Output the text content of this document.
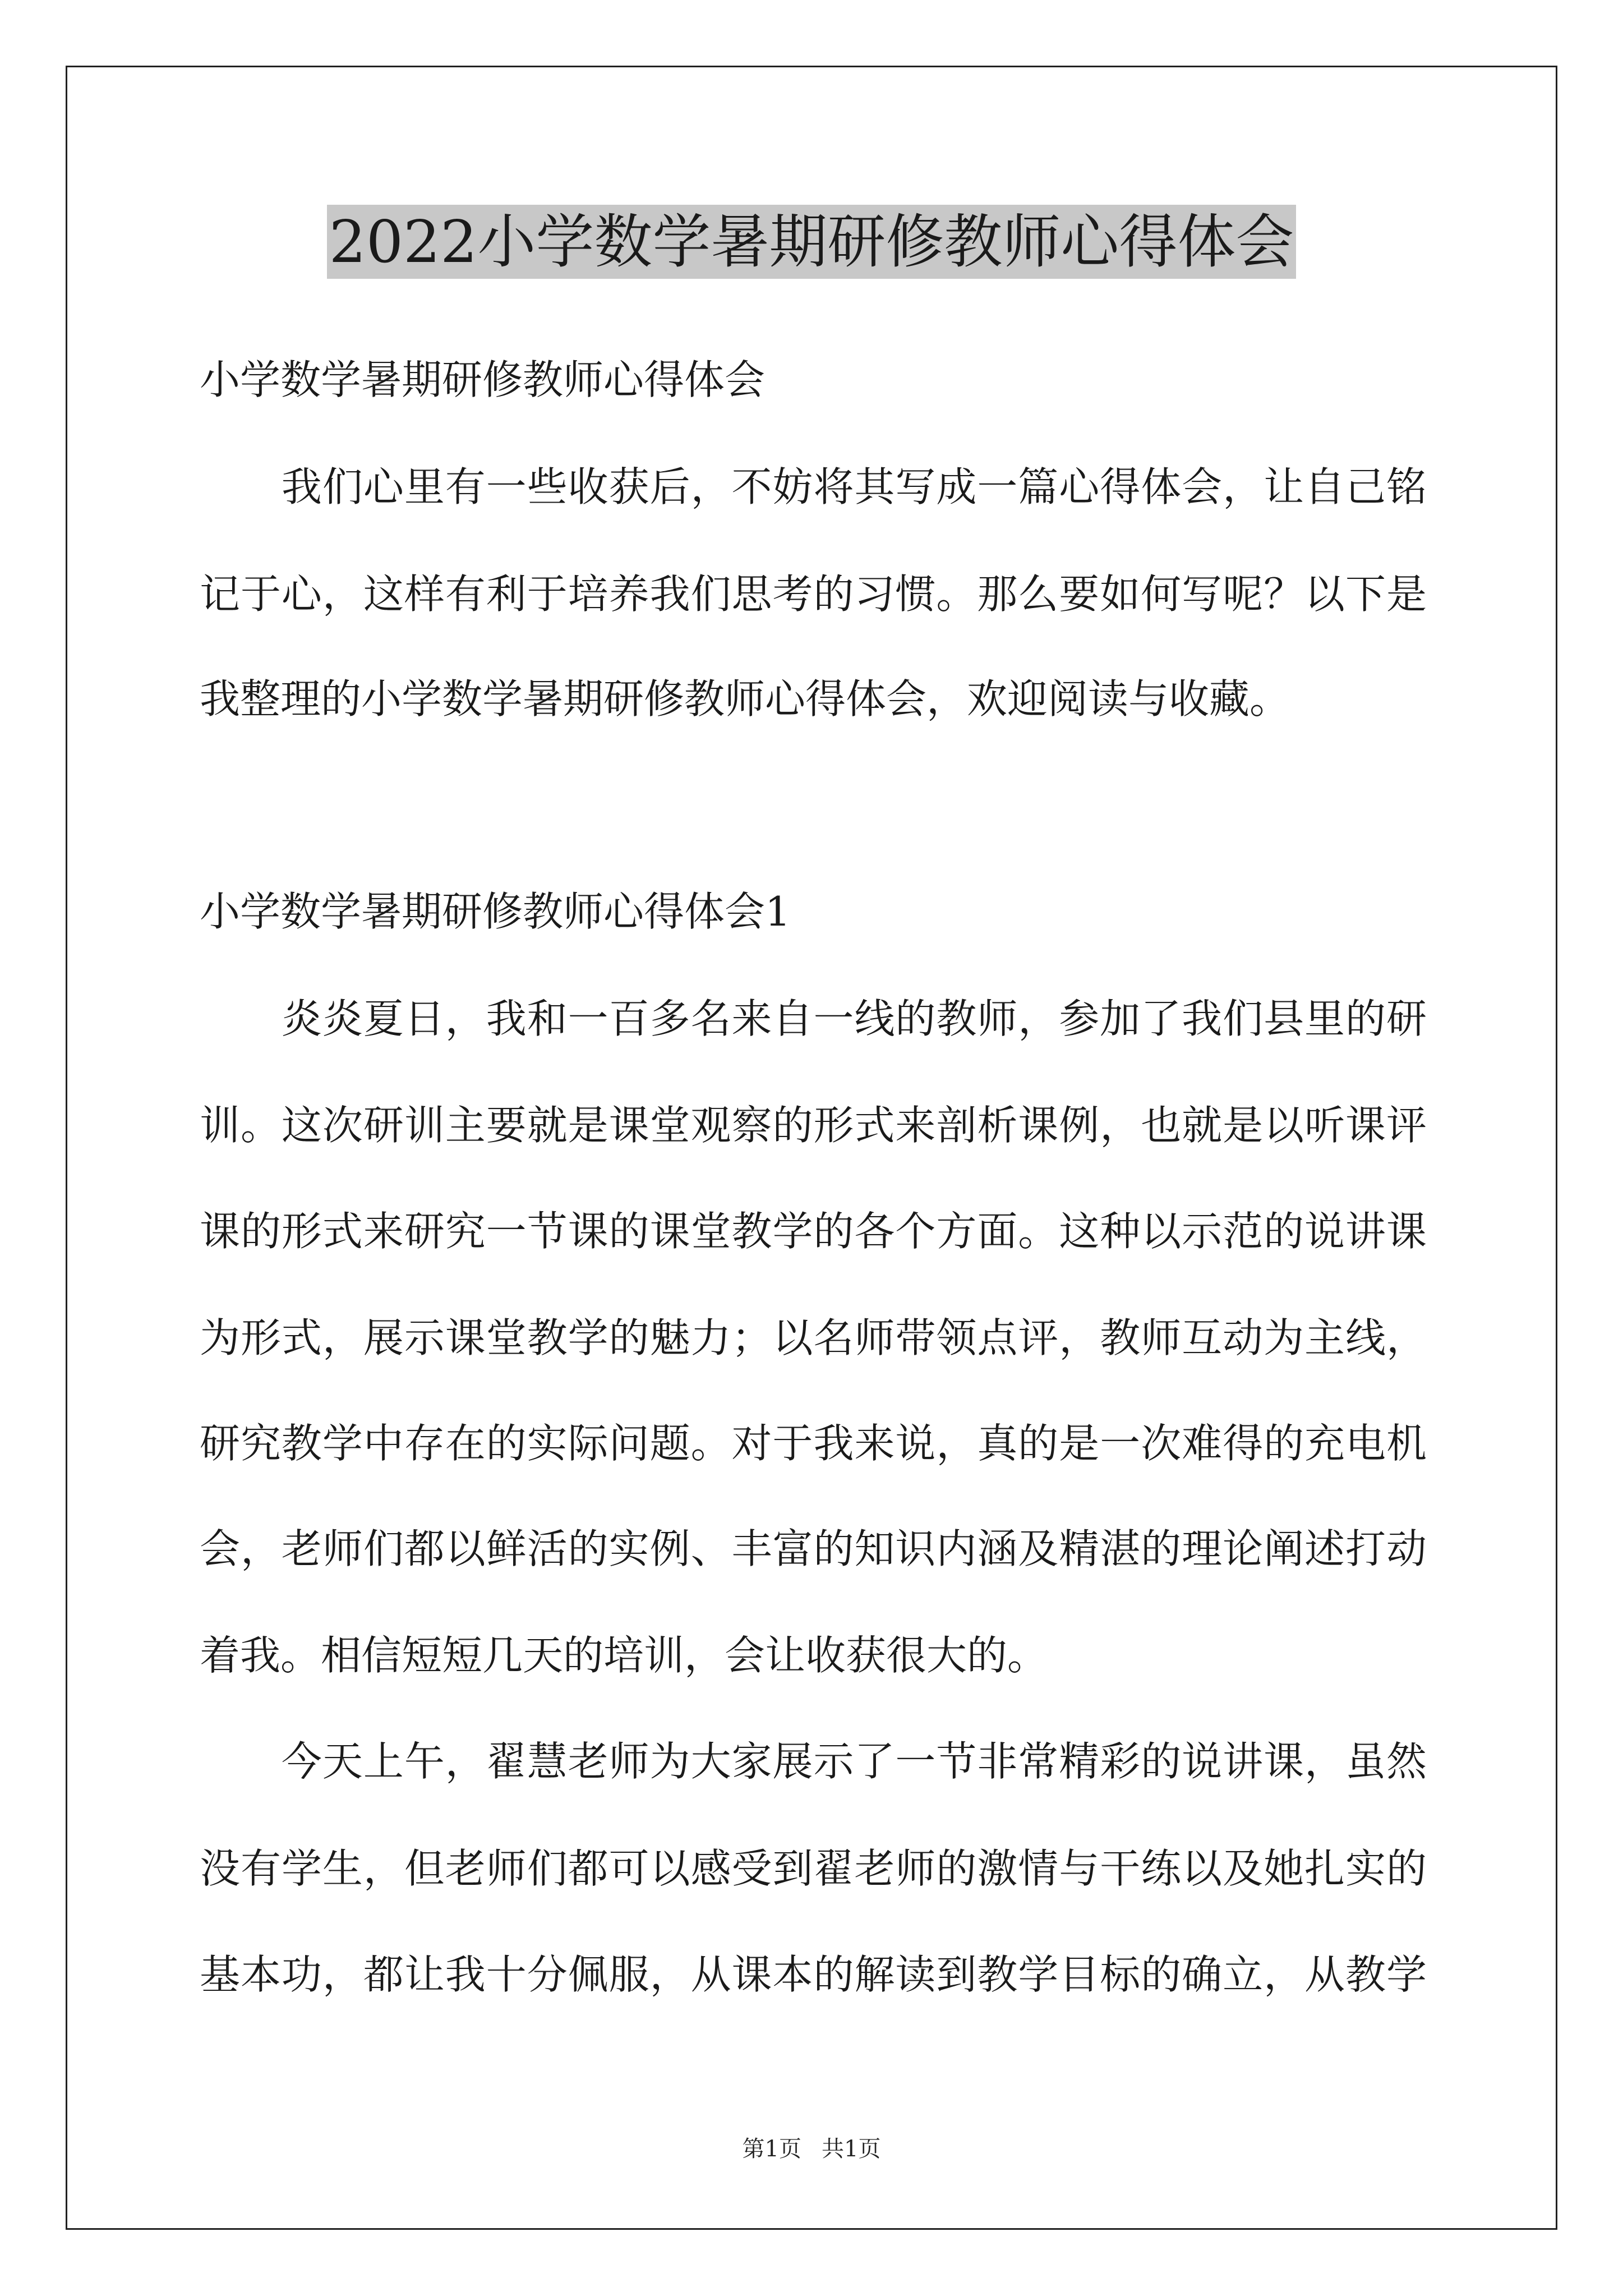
2022小学数学暑期研修教师心得体会
小学数学暑期研修教师心得体会
　　我们心里有一些收获后，不妨将其写成一篇心得体会，让自己铭
记于心，这样有利于培养我们思考的习惯。那么要如何写呢？以下是
我整理的小学数学暑期研修教师心得体会，欢迎阅读与收藏。
小学数学暑期研修教师心得体会1
　　炎炎夏日，我和一百多名来自一线的教师，参加了我们县里的研
训。这次研训主要就是课堂观察的形式来剖析课例，也就是以听课评
课的形式来研究一节课的课堂教学的各个方面。这种以示范的说讲课
为形式，展示课堂教学的魅力；以名师带领点评，教师互动为主线，
研究教学中存在的实际问题。对于我来说，真的是一次难得的充电机
会，老师们都以鲜活的实例、丰富的知识内涵及精湛的理论阐述打动
着我。相信短短几天的培训，会让收获很大的。
　　今天上午，翟慧老师为大家展示了一节非常精彩的说讲课，虽然
没有学生，但老师们都可以感受到翟老师的激情与干练以及她扎实的
基本功，都让我十分佩服，从课本的解读到教学目标的确立，从教学
第1页 共1页
